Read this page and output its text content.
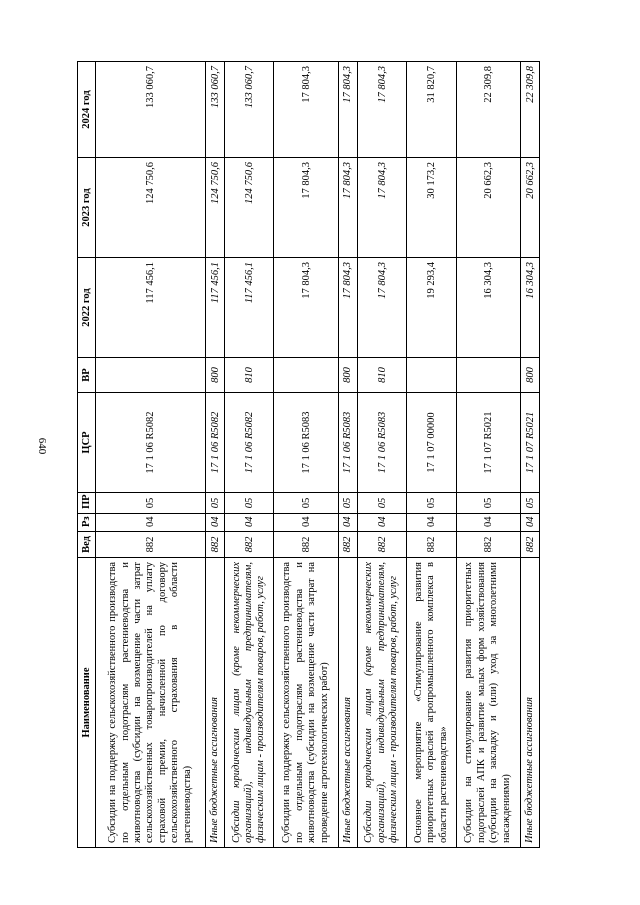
640
Наименование	Вед	Рз	ПР	ЦСР	ВР	2022 год	2023 год	2024 год
Субсидии на поддержку сельскохозяйственного производства по отдельным подотраслям растениеводства и животноводства (субсидии на возмещение части затрат сельскохозяйственных товаропроизводителей на уплату страховой премии, начисленной по договору сельскохозяйственного страхования в области растениеводства)	882	04	05	17 1 06 R5082		117 456,1	124 750,6	133 060,7
Иные бюджетные ассигнования	882	04	05	17 1 06 R5082	800	117 456,1	124 750,6	133 060,7
Субсидии юридическим лицам (кроме некоммерческих организаций), индивидуальным предпринимателям, физическим лицам - производителям товаров, работ, услуг	882	04	05	17 1 06 R5082	810	117 456,1	124 750,6	133 060,7
Субсидии на поддержку сельскохозяйственного производства по отдельным подотраслям растениеводства и животноводства (субсидии на возмещение части затрат на проведение агротехнологических работ)	882	04	05	17 1 06 R5083		17 804,3	17 804,3	17 804,3
Иные бюджетные ассигнования	882	04	05	17 1 06 R5083	800	17 804,3	17 804,3	17 804,3
Субсидии юридическим лицам (кроме некоммерческих организаций), индивидуальным предпринимателям, физическим лицам - производителям товаров, работ, услуг	882	04	05	17 1 06 R5083	810	17 804,3	17 804,3	17 804,3
Основное мероприятие «Стимулирование развития приоритетных отраслей агропромышленного комплекса в области растениеводства»	882	04	05	17 1 07 00000		19 293,4	30 173,2	31 820,7
Субсидии на стимулирование развития приоритетных подотраслей АПК и развитие малых форм хозяйствования (субсидии на закладку и (или) уход за многолетними насаждениями)	882	04	05	17 1 07 R5021		16 304,3	20 662,3	22 309,8
Иные бюджетные ассигнования	882	04	05	17 1 07 R5021	800	16 304,3	20 662,3	22 309,8
